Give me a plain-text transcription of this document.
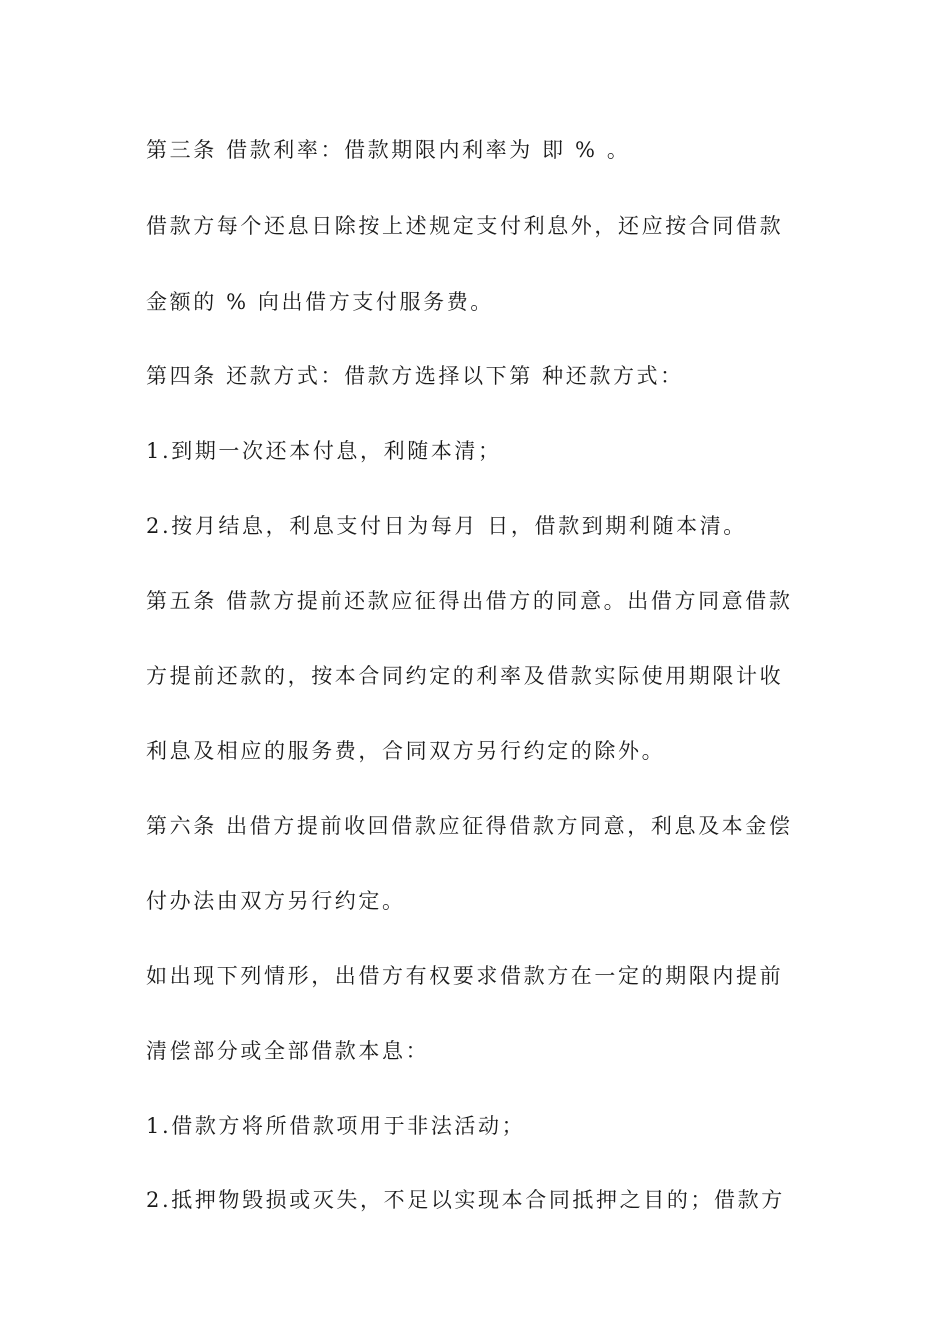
第三条 借款利率：借款期限内利率为 即 % 。
借款方每个还息日除按上述规定支付利息外，还应按合同借款
金额的 % 向出借方支付服务费。
第四条 还款方式：借款方选择以下第 种还款方式：
1.到期一次还本付息，利随本清；
2.按月结息，利息支付日为每月 日，借款到期利随本清。
第五条 借款方提前还款应征得出借方的同意。出借方同意借款
方提前还款的，按本合同约定的利率及借款实际使用期限计收
利息及相应的服务费，合同双方另行约定的除外。
第六条 出借方提前收回借款应征得借款方同意，利息及本金偿
付办法由双方另行约定。
如出现下列情形，出借方有权要求借款方在一定的期限内提前
清偿部分或全部借款本息：
1.借款方将所借款项用于非法活动；
2.抵押物毁损或灭失，不足以实现本合同抵押之目的；借款方
